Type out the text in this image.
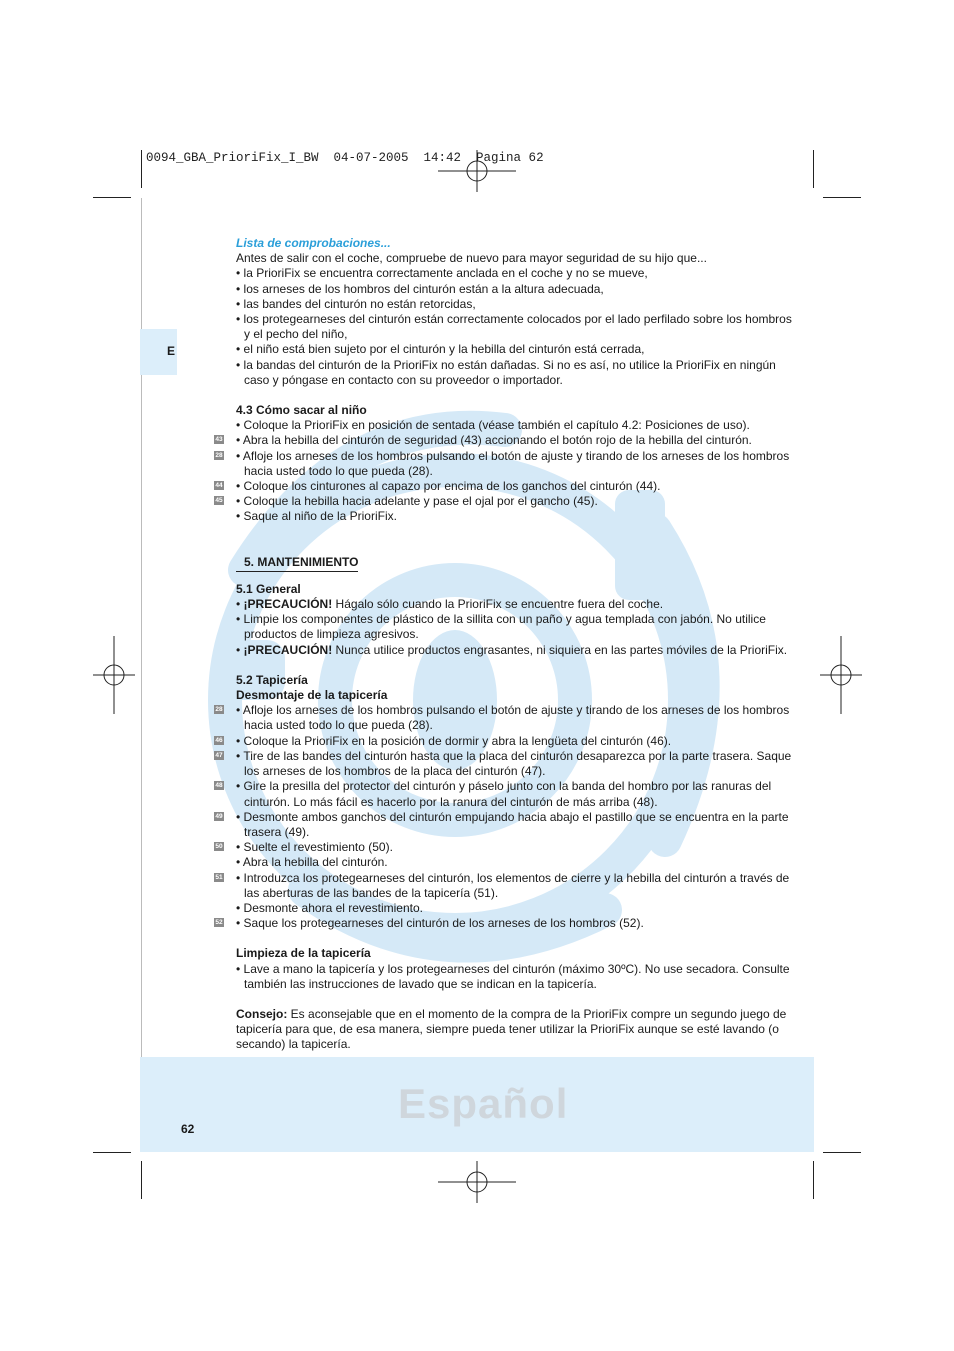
0094_GBA_PrioriFix_I_BW  04-07-2005  14:42  Pagina 62
E
Lista de comprobaciones...
Antes de salir con el coche, compruebe de nuevo para mayor seguridad de su hijo que...
• la PrioriFix se encuentra correctamente anclada en el coche y no se mueve,
• los arneses de los hombros del cinturón están a la altura adecuada,
• las bandes del cinturón no están retorcidas,
• los protegearneses del cinturón están correctamente colocados por el lado perfilado sobre los hombros y el pecho del niño,
• el niño está bien sujeto por el cinturón y la hebilla del cinturón está cerrada,
• la bandas del cinturón de la PrioriFix no están dañadas. Si no es así, no utilice la PrioriFix en ningún caso y póngase en contacto con su proveedor o importador.
4.3 Cómo sacar al niño
• Coloque la PrioriFix en posición de sentada (véase también el capítulo 4.2: Posiciones de uso).
43 • Abra la hebilla del cinturón de seguridad (43) accionando el botón rojo de la hebilla del cinturón.
28 • Afloje los arneses de los hombros pulsando el botón de ajuste y tirando de los arneses de los hombros hacia usted todo lo que pueda (28).
44 • Coloque los cinturones al capazo por encima de los ganchos del cinturón (44).
45 • Coloque la hebilla hacia adelante y pase el ojal por el gancho (45).
• Saque al niño de la PrioriFix.
5. MANTENIMIENTO
5.1 General
• ¡PRECAUCIÓN! Hágalo sólo cuando la PrioriFix se encuentre fuera del coche.
• Limpie los componentes de plástico de la sillita con un paño y agua templada con jabón. No utilice productos de limpieza agresivos.
• ¡PRECAUCIÓN! Nunca utilice productos engrasantes, ni siquiera en las partes móviles de la PrioriFix.
5.2 Tapicería
Desmontaje de la tapicería
28 • Afloje los arneses de los hombros pulsando el botón de ajuste y tirando de los arneses de los hombros hacia usted todo lo que pueda (28).
46 • Coloque la PrioriFix en la posición de dormir y abra la lengüeta del cinturón (46).
47 • Tire de las bandes del cinturón hasta que la placa del cinturón desaparezca por la parte trasera. Saque los arneses de los hombros de la placa del cinturón (47).
48 • Gire la presilla del protector del cinturón y páselo junto con la banda del hombro por las ranuras del cinturón. Lo más fácil es hacerlo por la ranura del cinturón de más arriba (48).
49 • Desmonte ambos ganchos del cinturón empujando hacia abajo el pastillo que se encuentra en la parte trasera (49).
50 • Suelte el revestimiento (50).
• Abra la hebilla del cinturón.
51 • Introduzca los protegearneses del cinturón, los elementos de cierre y la hebilla del cinturón a través de las aberturas de las bandes de la tapicería (51).
• Desmonte ahora el revestimiento.
52 • Saque los protegearneses del cinturón de los arneses de los hombros (52).
Limpieza de la tapicería
• Lave a mano la tapicería y los protegearneses del cinturón (máximo 30ºC). No use secadora. Consulte también las instrucciones de lavado que se indican en la tapicería.
Consejo: Es aconsejable que en el momento de la compra de la PrioriFix compre un segundo juego de tapicería para que, de esa manera, siempre pueda tener utilizar la PrioriFix aunque se esté lavando (o secando) la tapicería.
Español
62
